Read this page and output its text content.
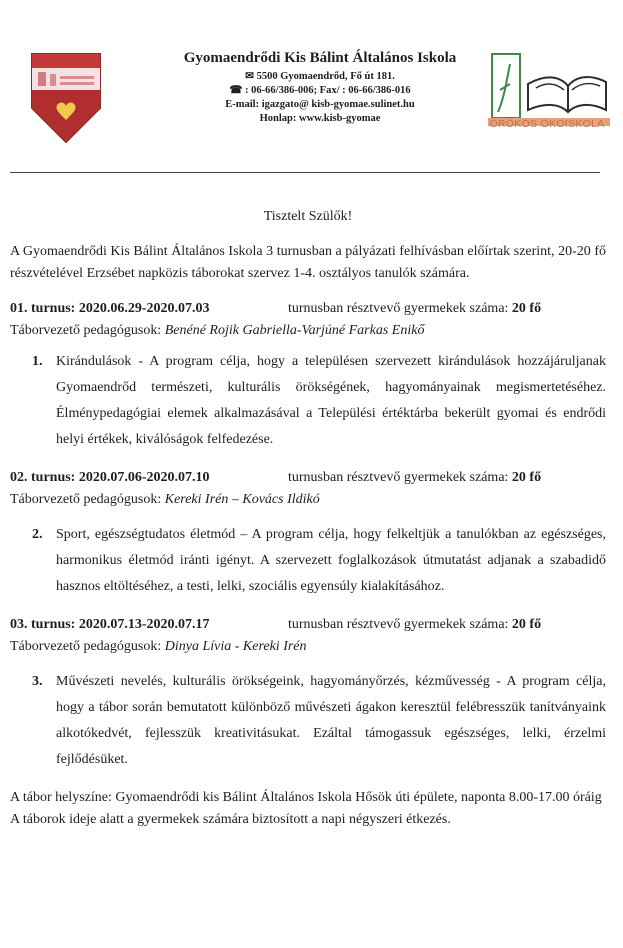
Gyomaendrődi Kis Bálint Általános Iskola
✉ 5500 Gyomaendrőd, Fő út 181.
☎ : 06-66/386-006; Fax/ : 06-66/386-016
E-mail: igazgato@ kisb-gyomae.sulinet.hu
Honlap: www.kisb-gyomae	ÖRÖKÖS ÖKOISKOLA

Tisztelt Szülők!

A Gyomaendrődi Kis Bálint Általános Iskola 3 turnusban a pályázati felhívásban előírtak szerint, 20-20 fő részvételével Erzsébet napközis táborokat szervez 1-4. osztályos tanulók számára.

01. turnus: 2020.06.29-2020.07.03	turnusban résztvevő gyermekek száma: 20 fő

Táborvezető pedagógusok: Benéné Rojik Gabriella-Varjúné Farkas Enikő

1. Kirándulások - A program célja, hogy a településen szervezett kirándulások hozzájáruljanak Gyomaendrőd természeti, kulturális örökségének, hagyományainak megismertetéséhez. Élménypedagógiai elemek alkalmazásával a Települési értéktárba bekerült gyomai és endrődi helyi értékek, kiválóságok felfedezése.

02. turnus: 2020.07.06-2020.07.10	turnusban résztvevő gyermekek száma: 20 fő

Táborvezető pedagógusok: Kereki Irén – Kovács Ildikó

2. Sport, egészségtudatos életmód – A program célja, hogy felkeltjük a tanulókban az egészséges, harmonikus életmód iránti igényt. A szervezett foglalkozások útmutatást adjanak a szabadidő hasznos eltöltéséhez, a testi, lelki, szociális egyensúly kialakításához.

03. turnus: 2020.07.13-2020.07.17	turnusban résztvevő gyermekek száma: 20 fő

Táborvezető pedagógusok: Dinya Lívia - Kereki Irén

3. Művészeti nevelés, kulturális örökségeink, hagyományőrzés, kézművesség - A program célja, hogy a tábor során bemutatott különböző művészeti ágakon keresztül felébresszük tanítványaink alkotókedvét, fejlesszük kreativitásukat. Ezáltal támogassuk egészséges, lelki, érzelmi fejlődésüket.

A tábor helyszíne: Gyomaendrődi kis Bálint Általános Iskola Hősök úti épülete, naponta 8.00-17.00 óráig

A táborok ideje alatt a gyermekek számára biztosított a napi négyszeri étkezés.
